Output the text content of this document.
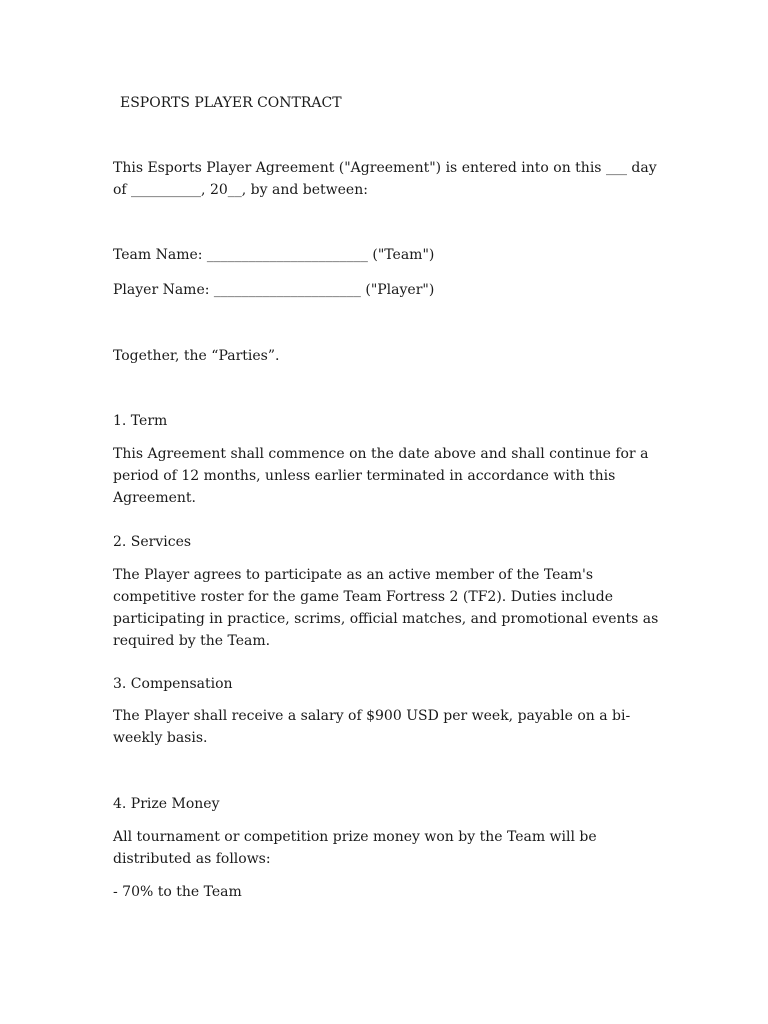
ESPORTS PLAYER CONTRACT

This Esports Player Agreement ("Agreement") is entered into on this ___ day of __________, 20__, by and between:

Team Name: _______________________ ("Team")

Player Name: _____________________ ("Player")

Together, the “Parties”.

1. Term

This Agreement shall commence on the date above and shall continue for a period of 12 months, unless earlier terminated in accordance with this Agreement.

2. Services

The Player agrees to participate as an active member of the Team's competitive roster for the game Team Fortress 2 (TF2). Duties include participating in practice, scrims, official matches, and promotional events as required by the Team.

3. Compensation

The Player shall receive a salary of $900 USD per week, payable on a bi-weekly basis.

4. Prize Money

All tournament or competition prize money won by the Team will be distributed as follows:

- 70% to the Team
